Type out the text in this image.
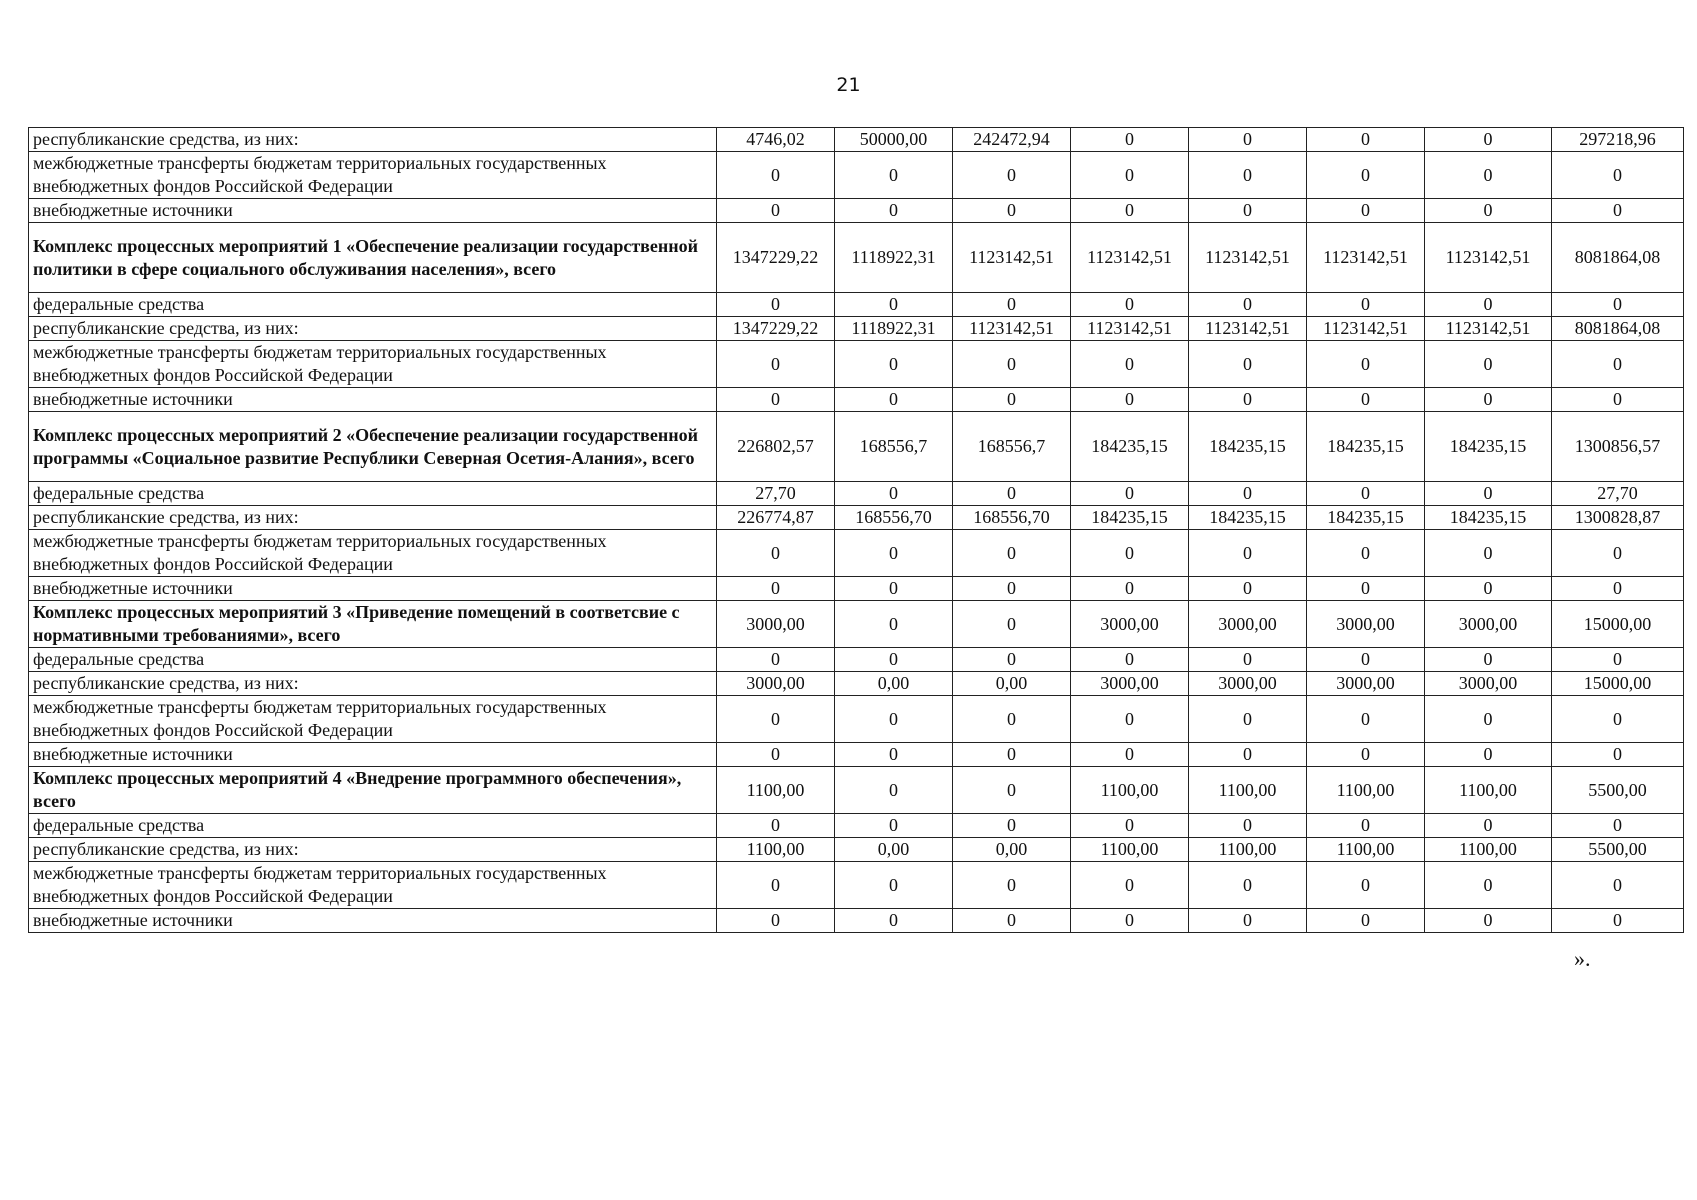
21
республиканские средства, из них:	4746,02	50000,00	242472,94	0	0	0	0	297218,96
межбюджетные трансферты бюджетам территориальных государственных внебюджетных фондов Российской Федерации	0	0	0	0	0	0	0	0
внебюджетные источники	0	0	0	0	0	0	0	0
Комплекс процессных мероприятий 1 «Обеспечение реализации государственной политики в сфере социального обслуживания населения», всего	1347229,22	1118922,31	1123142,51	1123142,51	1123142,51	1123142,51	1123142,51	8081864,08
федеральные средства	0	0	0	0	0	0	0	0
республиканские средства, из них:	1347229,22	1118922,31	1123142,51	1123142,51	1123142,51	1123142,51	1123142,51	8081864,08
межбюджетные трансферты бюджетам территориальных государственных внебюджетных фондов Российской Федерации	0	0	0	0	0	0	0	0
внебюджетные источники	0	0	0	0	0	0	0	0
Комплекс процессных мероприятий 2 «Обеспечение реализации государственной программы «Социальное развитие Республики Северная Осетия-Алания», всего	226802,57	168556,7	168556,7	184235,15	184235,15	184235,15	184235,15	1300856,57
федеральные средства	27,70	0	0	0	0	0	0	27,70
республиканские средства, из них:	226774,87	168556,70	168556,70	184235,15	184235,15	184235,15	184235,15	1300828,87
межбюджетные трансферты бюджетам территориальных государственных внебюджетных фондов Российской Федерации	0	0	0	0	0	0	0	0
внебюджетные источники	0	0	0	0	0	0	0	0
Комплекс процессных мероприятий 3 «Приведение помещений в соответсвие с нормативными требованиями», всего	3000,00	0	0	3000,00	3000,00	3000,00	3000,00	15000,00
федеральные средства	0	0	0	0	0	0	0	0
республиканские средства, из них:	3000,00	0,00	0,00	3000,00	3000,00	3000,00	3000,00	15000,00
межбюджетные трансферты бюджетам территориальных государственных внебюджетных фондов Российской Федерации	0	0	0	0	0	0	0	0
внебюджетные источники	0	0	0	0	0	0	0	0
Комплекс процессных мероприятий 4 «Внедрение программного обеспечения», всего	1100,00	0	0	1100,00	1100,00	1100,00	1100,00	5500,00
федеральные средства	0	0	0	0	0	0	0	0
республиканские средства, из них:	1100,00	0,00	0,00	1100,00	1100,00	1100,00	1100,00	5500,00
межбюджетные трансферты бюджетам территориальных государственных внебюджетных фондов Российской Федерации	0	0	0	0	0	0	0	0
внебюджетные источники	0	0	0	0	0	0	0	0
».
